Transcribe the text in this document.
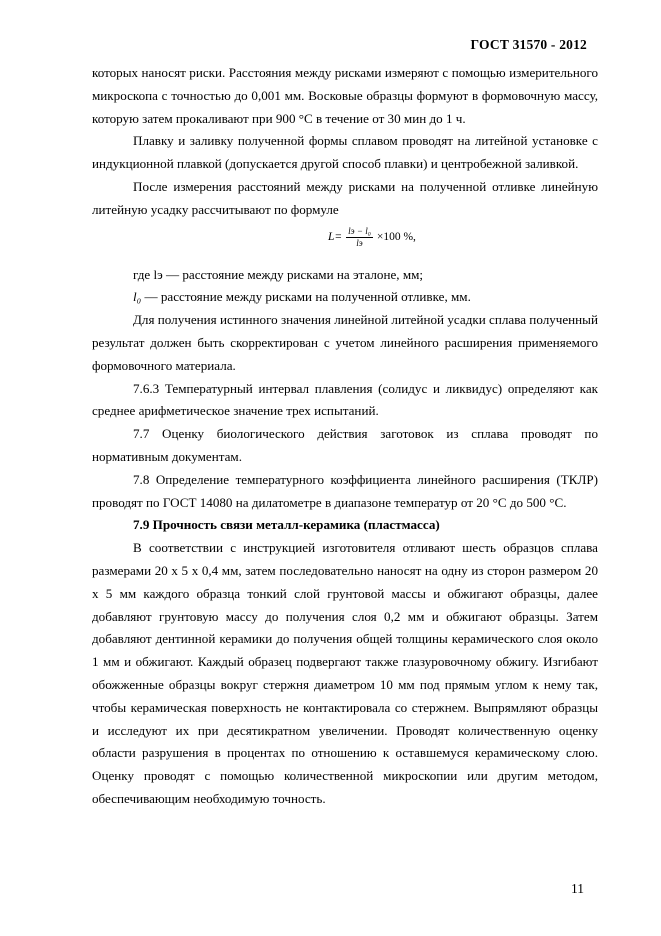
ГОСТ 31570 - 2012

которых наносят риски. Расстояния между рисками измеряют с помощью измерительного микроскопа с точностью до 0,001 мм. Восковые образцы формуют в формовочную массу, которую затем прокаливают при 900 °С в течение от 30 мин до 1 ч.

Плавку и заливку полученной формы сплавом проводят на литейной установке с индукционной плавкой (допускается другой способ плавки) и центробежной заливкой.

После измерения расстояний между рисками на полученной отливке линейную литейную усадку рассчитывают по формуле

$L= \frac{\text{lэ − l₀}}{lэ} \times 100$ %,

где lэ — расстояние между рисками на эталоне, мм;

l₀ — расстояние между рисками на полученной отливке, мм.

Для получения истинного значения линейной литейной усадки сплава полученный результат должен быть скорректирован с учетом линейного расширения применяемого формовочного материала.

7.6.3 Температурный интервал плавления (солидус и ликвидус) определяют как среднее арифметическое значение трех испытаний.

7.7 Оценку биологического действия заготовок из сплава проводят по нормативным документам.

7.8 Определение температурного коэффициента линейного расширения (ТКЛР) проводят по ГОСТ 14080 на дилатометре в диапазоне температур от 20 °С до 500 °С.

7.9 Прочность связи металл-керамика (пластмасса)

В соответствии с инструкцией изготовителя отливают шесть образцов сплава размерами 20 х 5 х 0,4 мм, затем последовательно наносят на одну из сторон размером 20 х 5 мм каждого образца тонкий слой грунтовой массы и обжигают образцы, далее добавляют грунтовую массу до получения слоя 0,2 мм и обжигают образцы. Затем добавляют дентинной керамики до получения общей толщины керамического слоя около 1 мм и обжигают. Каждый образец подвергают также глазуровочному обжигу. Изгибают обожженные образцы вокруг стержня диаметром 10 мм под прямым углом к нему так, чтобы керамическая поверхность не контактировала со стержнем. Выпрямляют образцы и исследуют их при десятикратном увеличении. Проводят количественную оценку области разрушения в процентах по отношению к оставшемуся керамическому слою. Оценку проводят с помощью количественной микроскопии или другим методом, обеспечивающим необходимую точность.

11
